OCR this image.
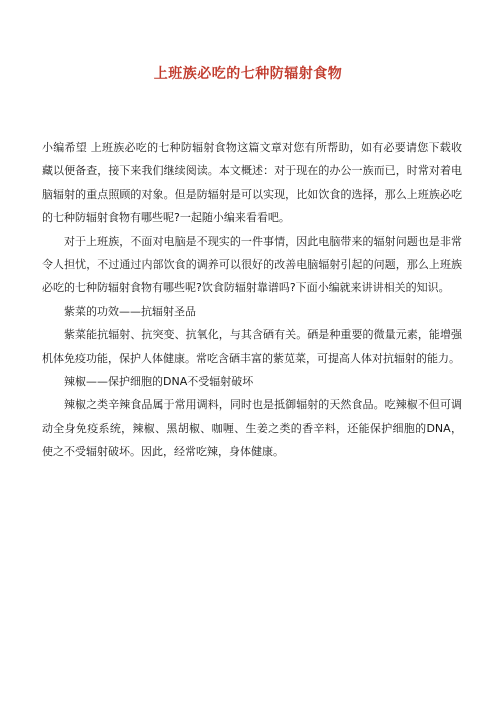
上班族必吃的七种防辐射食物

小编希望 上班族必吃的七种防辐射食物这篇文章对您有所帮助，如有必要请您下载收藏以便备查，接下来我们继续阅读。本文概述：对于现在的办公一族而已，时常对着电脑辐射的重点照顾的对象。但是防辐射是可以实现，比如饮食的选择，那么上班族必吃的七种防辐射食物有哪些呢?一起随小编来看看吧。

对于上班族，不面对电脑是不现实的一件事情，因此电脑带来的辐射问题也是非常令人担忧，不过通过内部饮食的调养可以很好的改善电脑辐射引起的问题，那么上班族必吃的七种防辐射食物有哪些呢?饮食防辐射靠谱吗?下面小编就来讲讲相关的知识。

紫菜的功效——抗辐射圣品

紫菜能抗辐射、抗突变、抗氧化，与其含硒有关。硒是种重要的微量元素，能增强机体免疫功能，保护人体健康。常吃含硒丰富的紫苋菜，可提高人体对抗辐射的能力。

辣椒——保护细胞的DNA不受辐射破坏

辣椒之类辛辣食品属于常用调料，同时也是抵御辐射的天然食品。吃辣椒不但可调动全身免疫系统，辣椒、黑胡椒、咖喱、生姜之类的香辛料，还能保护细胞的DNA，使之不受辐射破坏。因此，经常吃辣，身体健康。
